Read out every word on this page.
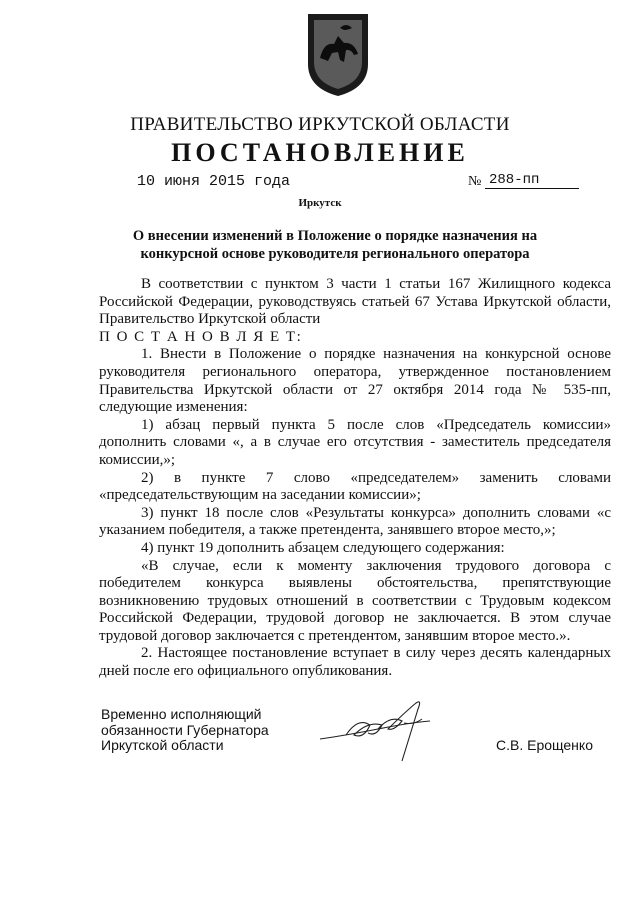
ПРАВИТЕЛЬСТВО ИРКУТСКОЙ ОБЛАСТИ
ПОСТАНОВЛЕНИЕ
10 июня 2015 года	№ 288-пп
Иркутск
О внесении изменений в Положение о порядке назначения на
конкурсной основе руководителя регионального оператора

В соответствии с пунктом 3 части 1 статьи 167 Жилищного кодекса Российской Федерации, руководствуясь статьей 67 Устава Иркутской области, Правительство Иркутской области

П О С Т А Н О В Л Я Е Т:

1. Внести в Положение о порядке назначения на конкурсной основе руководителя регионального оператора, утвержденное постановлением Правительства Иркутской области от 27 октября 2014 года № 535-пп, следующие изменения:

1) абзац первый пункта 5 после слов «Председатель комиссии» дополнить словами «, а в случае его отсутствия - заместитель председателя комиссии,»;

2) в пункте 7 слово «председателем» заменить словами «председательствующим на заседании комиссии»;

3) пункт 18 после слов «Результаты конкурса» дополнить словами «с указанием победителя, а также претендента, занявшего второе место,»;

4) пункт 19 дополнить абзацем следующего содержания:

«В случае, если к моменту заключения трудового договора с победителем конкурса выявлены обстоятельства, препятствующие возникновению трудовых отношений в соответствии с Трудовым кодексом Российской Федерации, трудовой договор не заключается. В этом случае трудовой договор заключается с претендентом, занявшим второе место.».

2. Настоящее постановление вступает в силу через десять календарных дней после его официального опубликования.

Временно исполняющий
обязанности Губернатора
Иркутской области	С.В. Ерощенко
